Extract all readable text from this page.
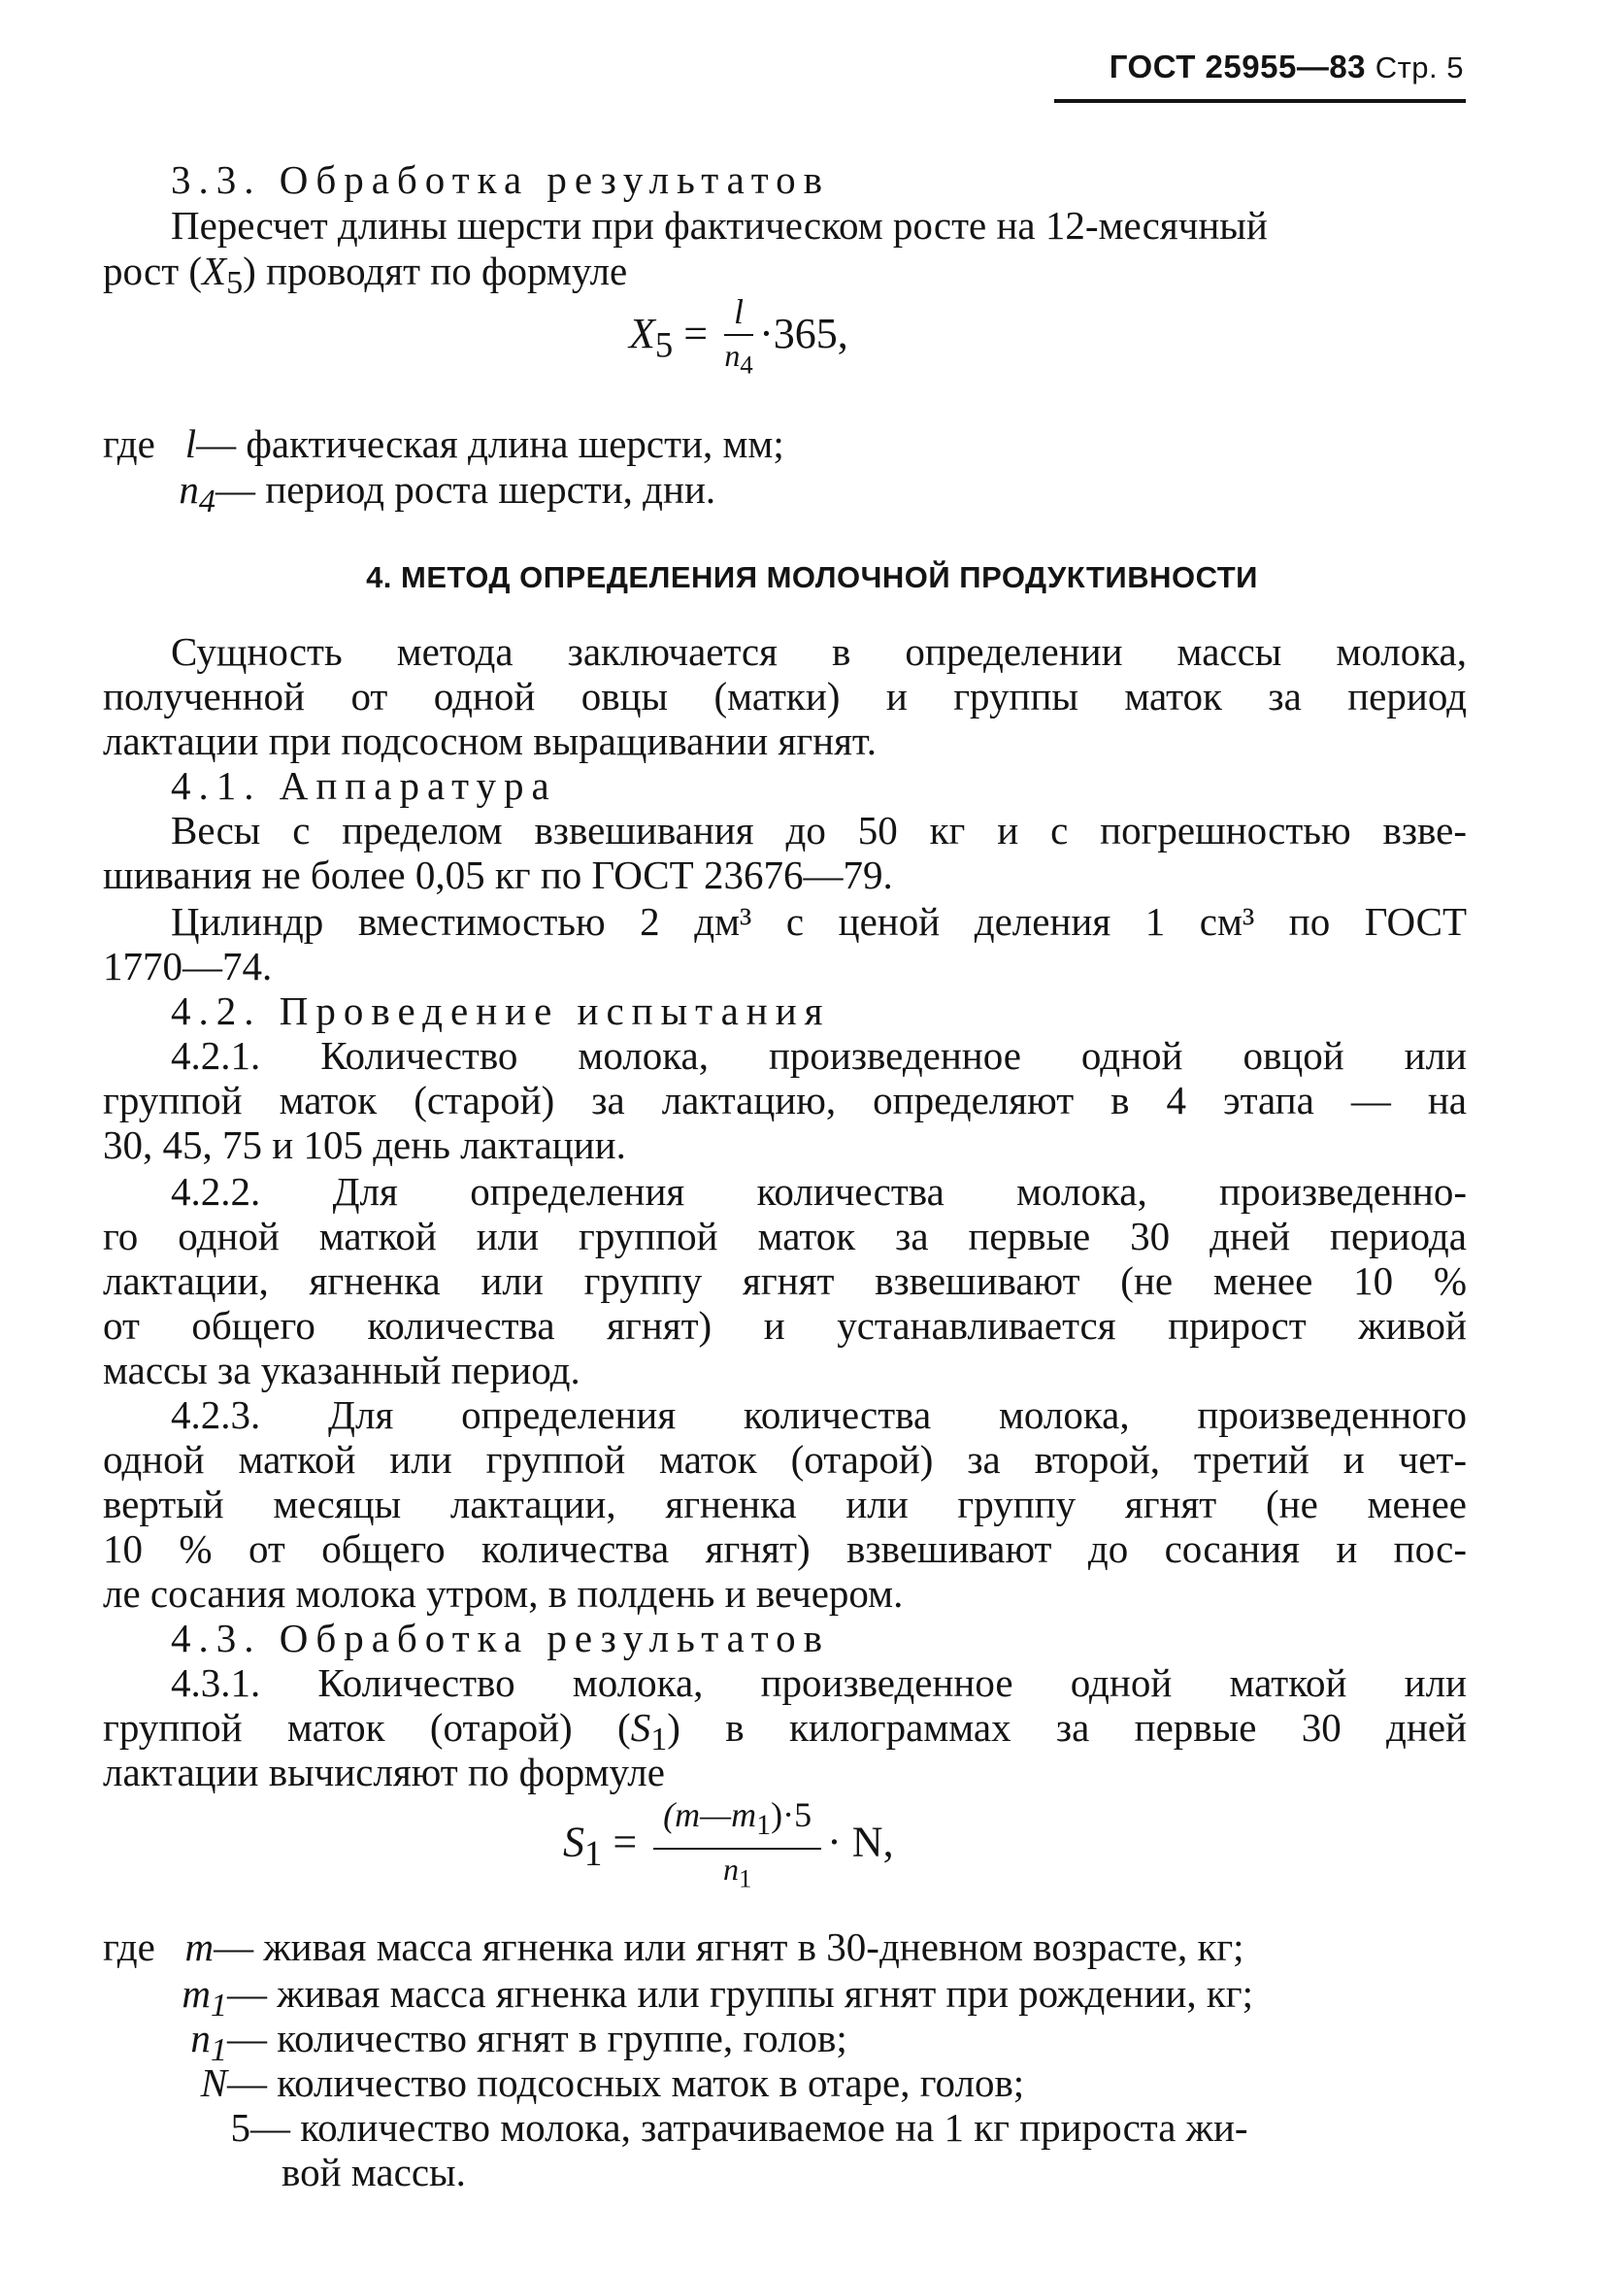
ГОСТ 25955—83 Стр. 5
3.3. Обработка результатов
Пересчет длины шерсти при фактическом росте на 12-месячный
рост $(X_5)$ проводят по формуле
$X_5 = \frac{l}{n_4} \cdot 365$,
где l— фактическая длина шерсти, мм;
$n_4—$ период роста шерсти, дни.
4. МЕТОД ОПРЕДЕЛЕНИЯ МОЛОЧНОЙ ПРОДУКТИВНОСТИ
Сущность метода заключается в определении массы молока,
полученной от одной овцы (матки) и группы маток за период
лактации при подсосном выращивании ягнят.
4.1. Аппаратура
Весы с пределом взвешивания до 50 кг и с погрешностью взве-
шивания не более 0,05 кг по ГОСТ 23676—79.
Цилиндр вместимостью 2 дм³ с ценой деления 1 см³ по ГОСТ
1770—74.
4.2. Проведение испытания
4.2.1. Количество молока, произведенное одной овцой или
группой маток (старой) за лактацию, определяют в 4 этапа — на
30, 45, 75 и 105 день лактации.
4.2.2. Для определения количества молока, произведенно-
го одной маткой или группой маток за первые 30 дней периода
лактации, ягненка или группу ягнят взвешивают (не менее 10 %
от общего количества ягнят) и устанавливается прирост живой
массы за указанный период.
4.2.3. Для определения количества молока, произведенного
одной маткой или группой маток (отарой) за второй, третий и чет-
вертый месяцы лактации, ягненка или группу ягнят (не менее
10 % от общего количества ягнят) взвешивают до сосания и пос-
ле сосания молока утром, в полдень и вечером.
4.3. Обработка результатов
4.3.1. Количество молока, произведенное одной маткой или
группой маток (отарой) $(S_1)$ в килограммах за первые 30 дней
лактации вычисляют по формуле
$S_1 = \frac{(m—m_1)\cdot 5}{n_1} \cdot N$,
где m— живая масса ягненка или ягнят в 30-дневном возрасте, кг;
$m_1—$ живая масса ягненка или группы ягнят при рождении, кг;
$n_1—$ количество ягнят в группе, голов;
N— количество подсосных маток в отаре, голов;
5— количество молока, затрачиваемое на 1 кг прироста жи-
вой массы.
